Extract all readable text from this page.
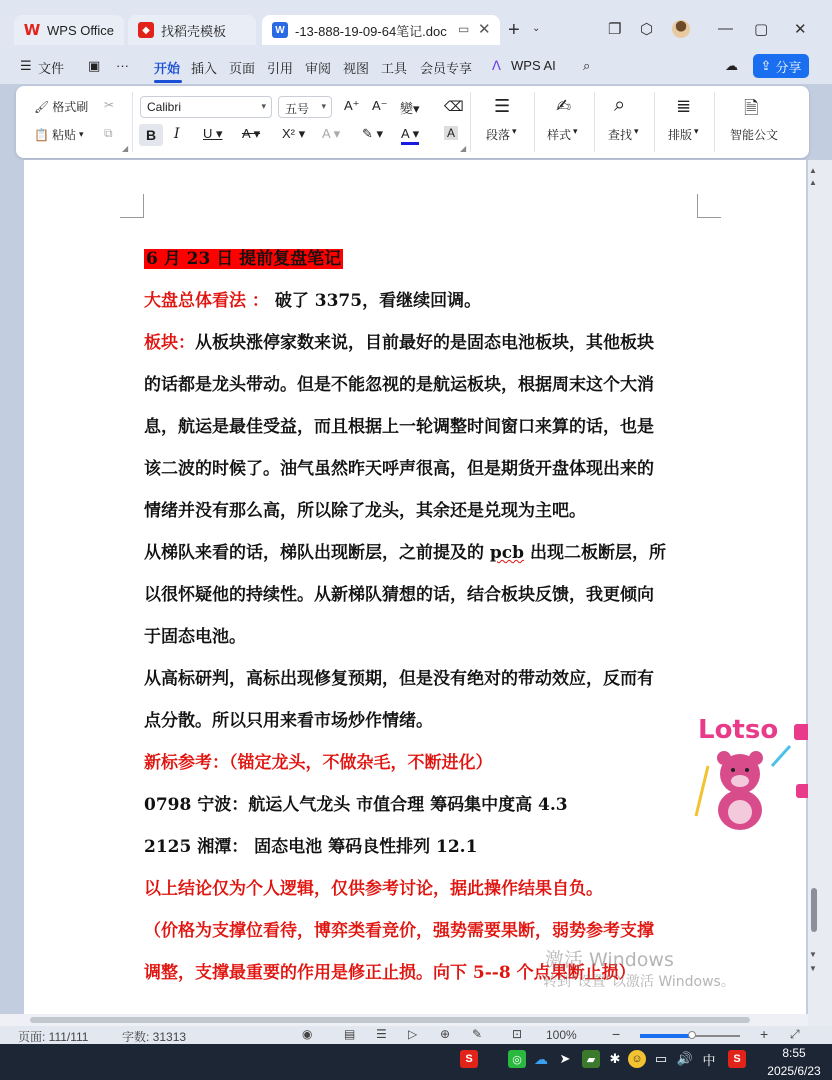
W WPS Office	◆ 找稻壳模板	W -13-888-19-09-64笔记.doc ▭ ✕ + ⌄	❐ ⬡	— ▢ ✕
☰ 文件 ▣ ··· 开始 插入 页面 引用 审阅 视图 工具 会员专享 ᐱ WPS AI ⌕	☁ ⇪ 分享
🖌 格式刷 ✂
📋 粘贴 ▾ ⧉
◢
Calibri	▾	五号 ▾ A⁺ A⁻ 變▾ ⌫
B	I U ▾ A ▾ X² ▾ A ▾ ✎ ▾ A ▾ A
◢
☰
段落 ▾
✍
样式 ▾
⌕
查找 ▾
≣
排版 ▾
🗎
智能公文

6 月 23 日 提前复盘笔记

大盘总体看法 ： 破了 3375，看继续回调。

板块：从板块涨停家数来说，目前最好的是固态电池板块，其他板块

的话都是龙头带动。但是不能忽视的是航运板块，根据周末这个大消

息，航运是最佳受益，而且根据上一轮调整时间窗口来算的话，也是

该二波的时候了。油气虽然昨天呼声很高，但是期货开盘体现出来的

情绪并没有那么高，所以除了龙头，其余还是兑现为主吧。

从梯队来看的话，梯队出现断层，之前提及的 pcb 出现二板断层，所

以很怀疑他的持续性。从新梯队猜想的话，结合板块反馈，我更倾向

于固态电池。

从高标研判，高标出现修复预期，但是没有绝对的带动效应，反而有

点分散。所以只用来看市场炒作情绪。

新标参考：（锚定龙头，不做杂毛，不断进化）

0798 宁波：航运人气龙头 市值合理 筹码集中度高 4.3

2125 湘潭： 固态电池 筹码良性排列 12.1

以上结论仅为个人逻辑，仅供参考讨论，据此操作结果自负。

（价格为支撑位看待，博弈类看竞价，强势需要果断，弱势参考支撑

调整，支撑最重要的作用是修正止损。向下 5--8 个点果断止损）

Lotso
▲
▲
▼
▼
激活 Windows
转到"设置"以激活 Windows。
页面: 111/111	字数: 31313	◉	▤ ☰ ▷ ⊕ ✎ ⊡ 100%	−	+ ⤢
S	◎ ☁ ➤	▰	✱ ☺ ▭ 🔊 中	S	8:55
2025/6/23
